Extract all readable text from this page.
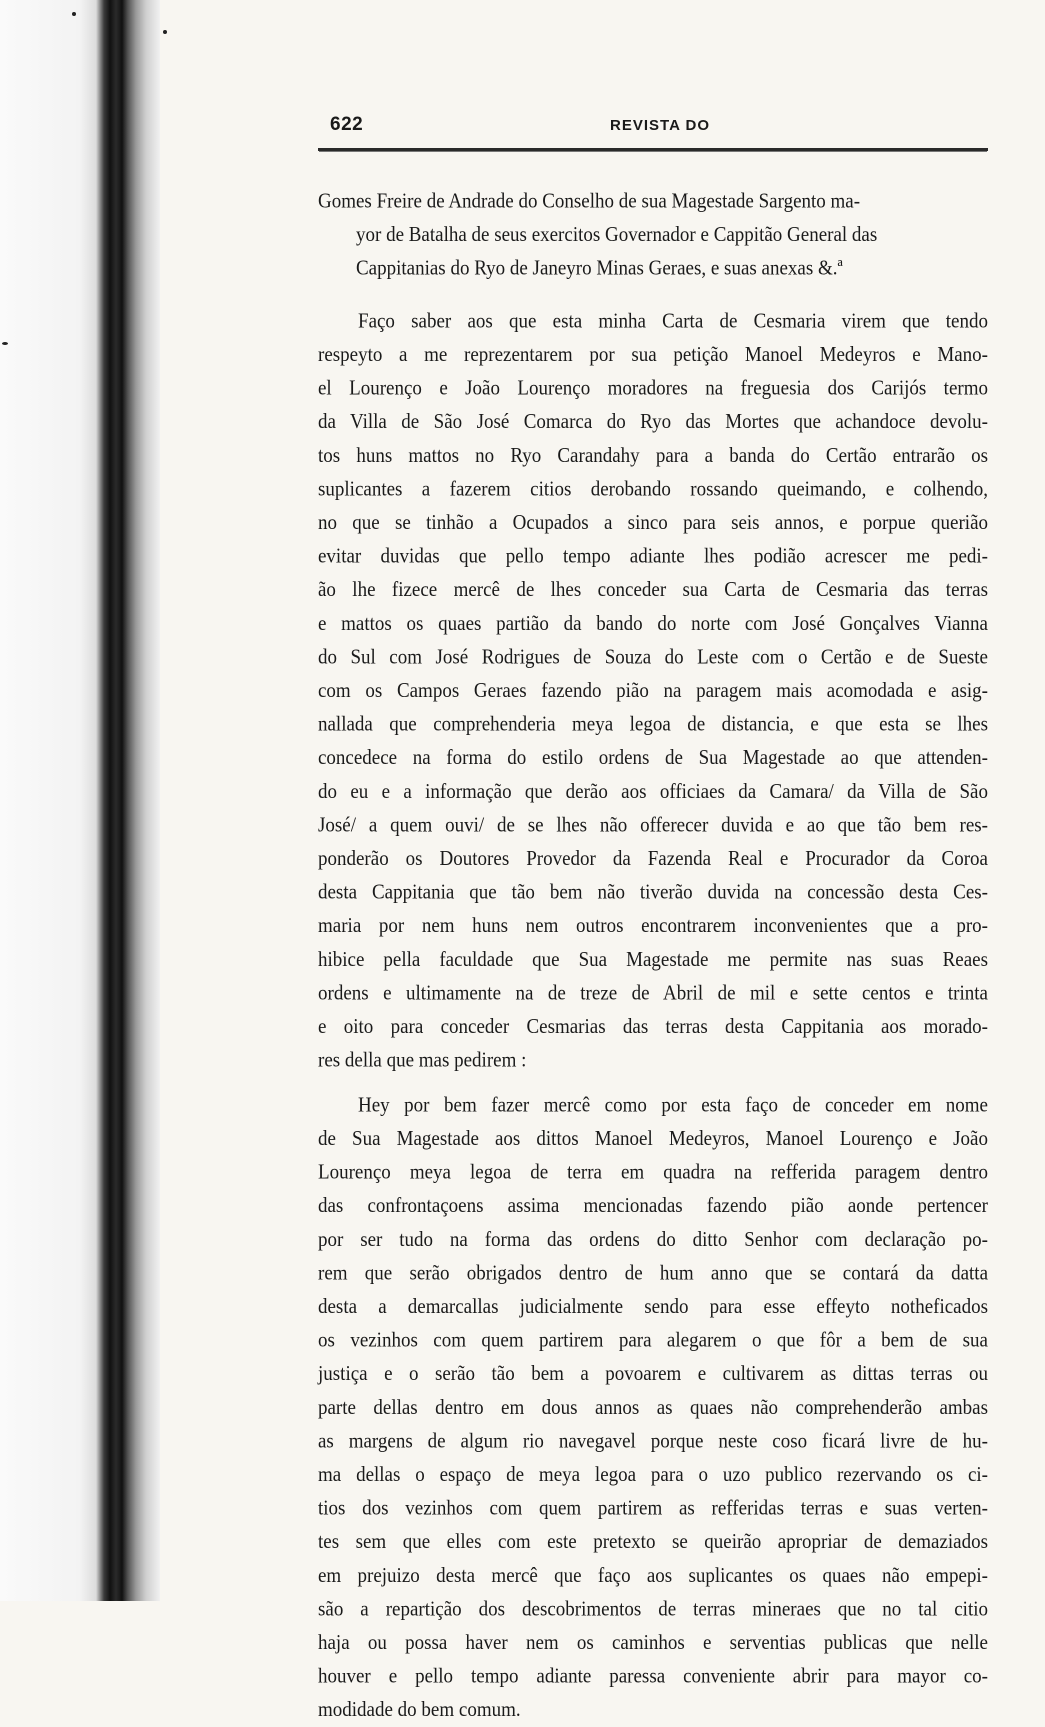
622	REVISTA DO
Gomes Freire de Andrade do Conselho de sua Magestade Sargento ma-
yor de Batalha de seus exercitos Governador e Cappitão General das
Cappitanias do Ryo de Janeyro Minas Geraes, e suas anexas &.ª
Faço saber aos que esta minha Carta de Cesmaria virem que tendo
respeyto a me reprezentarem por sua petição Manoel Medeyros e Mano-
el Lourenço e João Lourenço moradores na freguesia dos Carijós termo
da Villa de São José Comarca do Ryo das Mortes que achandoce devolu-
tos huns mattos no Ryo Carandahy para a banda do Certão entrarão os
suplicantes a fazerem citios derobando rossando queimando, e colhendo,
no que se tinhão a Ocupados a sinco para seis annos, e porpue querião
evitar duvidas que pello tempo adiante lhes podião acrescer me pedi-
ão lhe fizece mercê de lhes conceder sua Carta de Cesmaria das terras
e mattos os quaes partião da bando do norte com José Gonçalves Vianna
do Sul com José Rodrigues de Souza do Leste com o Certão e de Sueste
com os Campos Geraes fazendo pião na paragem mais acomodada e asig-
nallada que comprehenderia meya legoa de distancia, e que esta se lhes
concedece na forma do estilo ordens de Sua Magestade ao que attenden-
do eu e a informação que derão aos officiaes da Camara/ da Villa de São
José/ a quem ouvi/ de se lhes não offerecer duvida e ao que tão bem res-
ponderão os Doutores Provedor da Fazenda Real e Procurador da Coroa
desta Cappitania que tão bem não tiverão duvida na concessão desta Ces-
maria por nem huns nem outros encontrarem inconvenientes que a pro-
hibice pella faculdade que Sua Magestade me permite nas suas Reaes
ordens e ultimamente na de treze de Abril de mil e sette centos e trinta
e oito para conceder Cesmarias das terras desta Cappitania aos morado-
res della que mas pedirem :
Hey por bem fazer mercê como por esta faço de conceder em nome
de Sua Magestade aos dittos Manoel Medeyros, Manoel Lourenço e João
Lourenço meya legoa de terra em quadra na refferida paragem dentro
das confrontaçoens assima mencionadas fazendo pião aonde pertencer
por ser tudo na forma das ordens do ditto Senhor com declaração po-
rem que serão obrigados dentro de hum anno que se contará da datta
desta a demarcallas judicialmente sendo para esse effeyto notheficados
os vezinhos com quem partirem para alegarem o que fôr a bem de sua
justiça e o serão tão bem a povoarem e cultivarem as dittas terras ou
parte dellas dentro em dous annos as quaes não comprehenderão ambas
as margens de algum rio navegavel porque neste coso ficará livre de hu-
ma dellas o espaço de meya legoa para o uzo publico rezervando os ci-
tios dos vezinhos com quem partirem as refferidas terras e suas verten-
tes sem que elles com este pretexto se queirão apropriar de demaziados
em prejuizo desta mercê que faço aos suplicantes os quaes não empepi-
são a repartição dos descobrimentos de terras mineraes que no tal citio
haja ou possa haver nem os caminhos e serventias publicas que nelle
houver e pello tempo adiante paressa conveniente abrir para mayor co-
modidade do bem comum.
